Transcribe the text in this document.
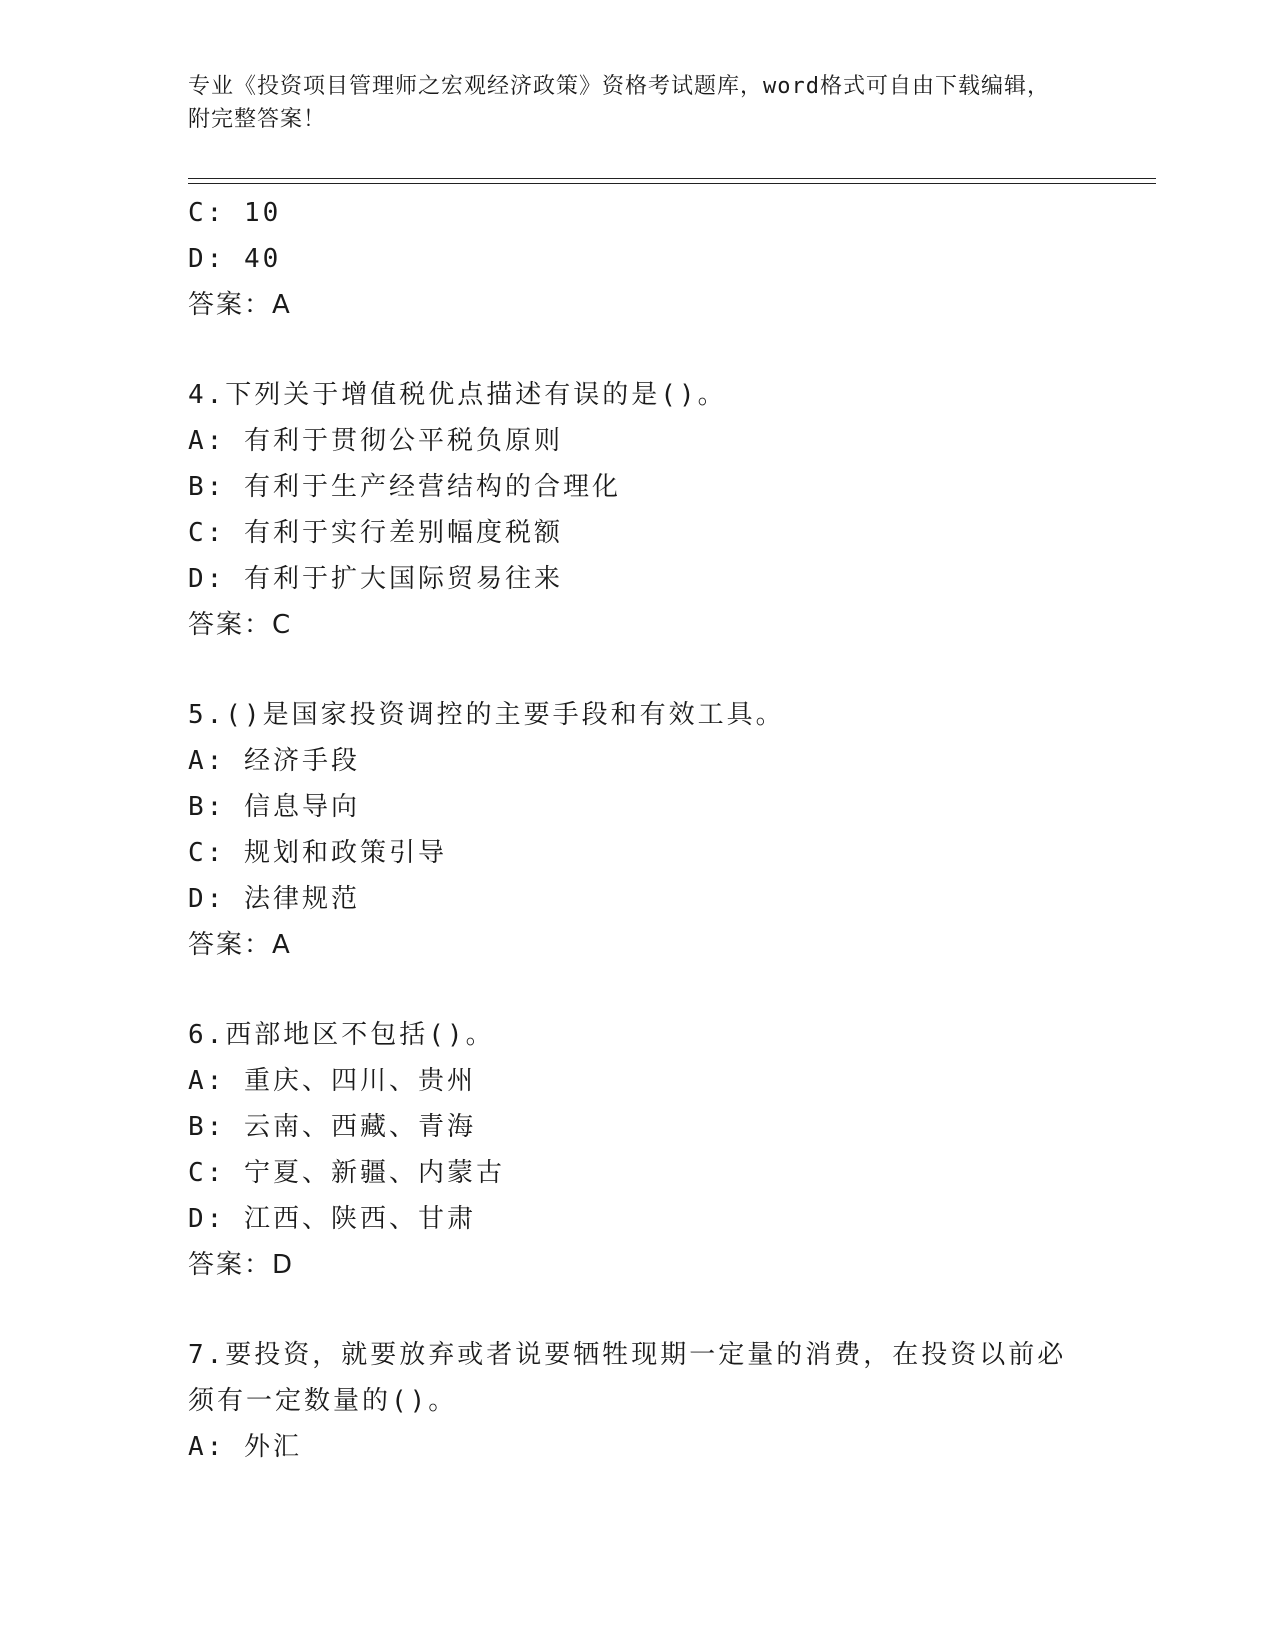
专业《投资项目管理师之宏观经济政策》资格考试题库，word格式可自由下载编辑，附完整答案！
C: 10
D: 40
答案：A
4.下列关于增值税优点描述有误的是()。
A: 有利于贯彻公平税负原则
B: 有利于生产经营结构的合理化
C: 有利于实行差别幅度税额
D: 有利于扩大国际贸易往来
答案：C
5.()是国家投资调控的主要手段和有效工具。
A: 经济手段
B: 信息导向
C: 规划和政策引导
D: 法律规范
答案：A
6.西部地区不包括()。
A: 重庆、四川、贵州
B: 云南、西藏、青海
C: 宁夏、新疆、内蒙古
D: 江西、陕西、甘肃
答案：D
7.要投资，就要放弃或者说要牺牲现期一定量的消费，在投资以前必须有一定数量的()。
A: 外汇
